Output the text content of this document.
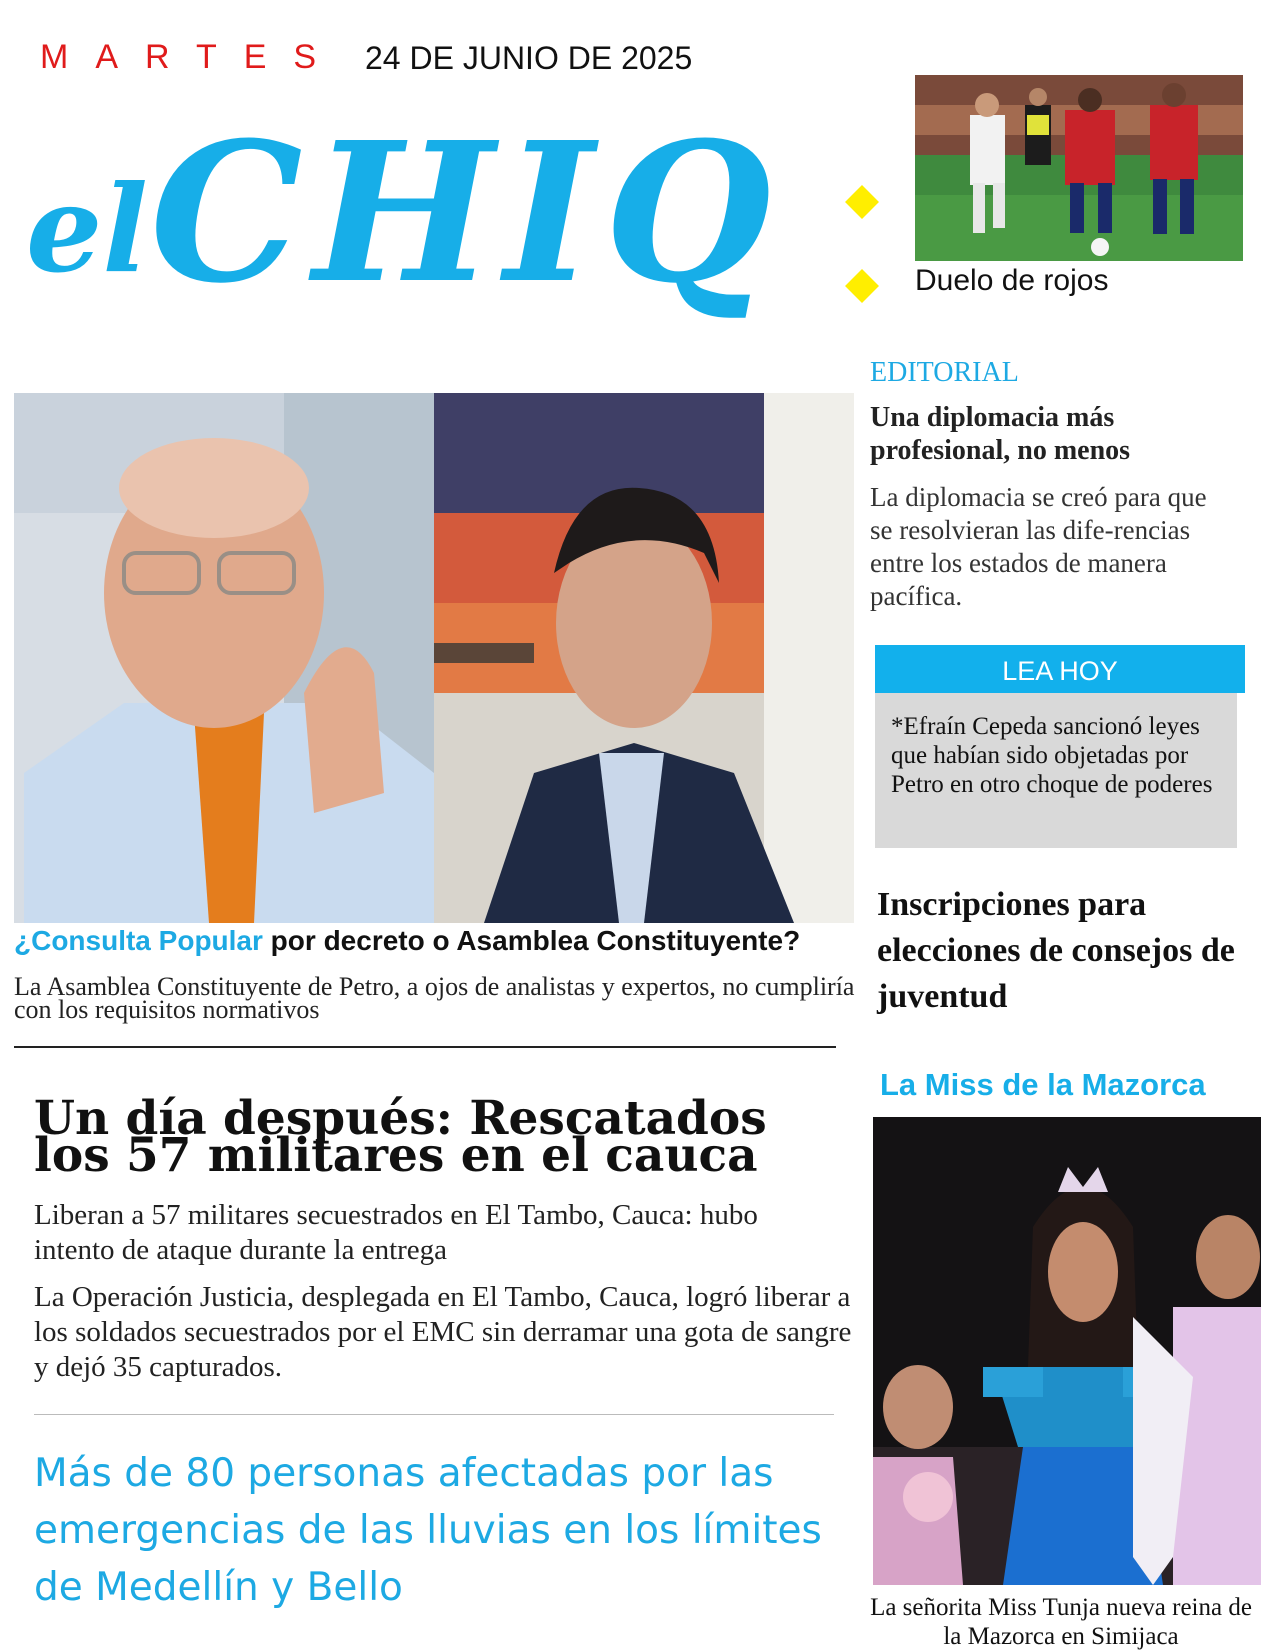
MARTES 24 DE JUNIO DE 2025
el CHIQ	Duelo de rojos
EDITORIAL
Una diplomacia más profesional, no menos
La diplomacia se creó para que se resolvieran las dife-rencias entre los estados de manera pacífica.
LEA HOY
*Efraín Cepeda sancionó leyes que habían sido objetadas por Petro en otro choque de poderes
Inscripciones para elecciones de consejos de juventud
La Miss de la Mazorca
La señorita Miss Tunja nueva reina de la Mazorca en Simijaca
¿Consulta Popular por decreto o Asamblea Constituyente?
La Asamblea Constituyente de Petro, a ojos de analistas y expertos, no cumpliría con los requisitos normativos
Un día después: Rescatados los 57 militares en el cauca
Liberan a 57 militares secuestrados en El Tambo, Cauca: hubo intento de ataque durante la entrega
La Operación Justicia, desplegada en El Tambo, Cauca, logró liberar a los soldados secuestrados por el EMC sin derramar una gota de sangre y dejó 35 capturados.
Más de 80 personas afectadas por las emergencias de las lluvias en los límites de Medellín y Bello
